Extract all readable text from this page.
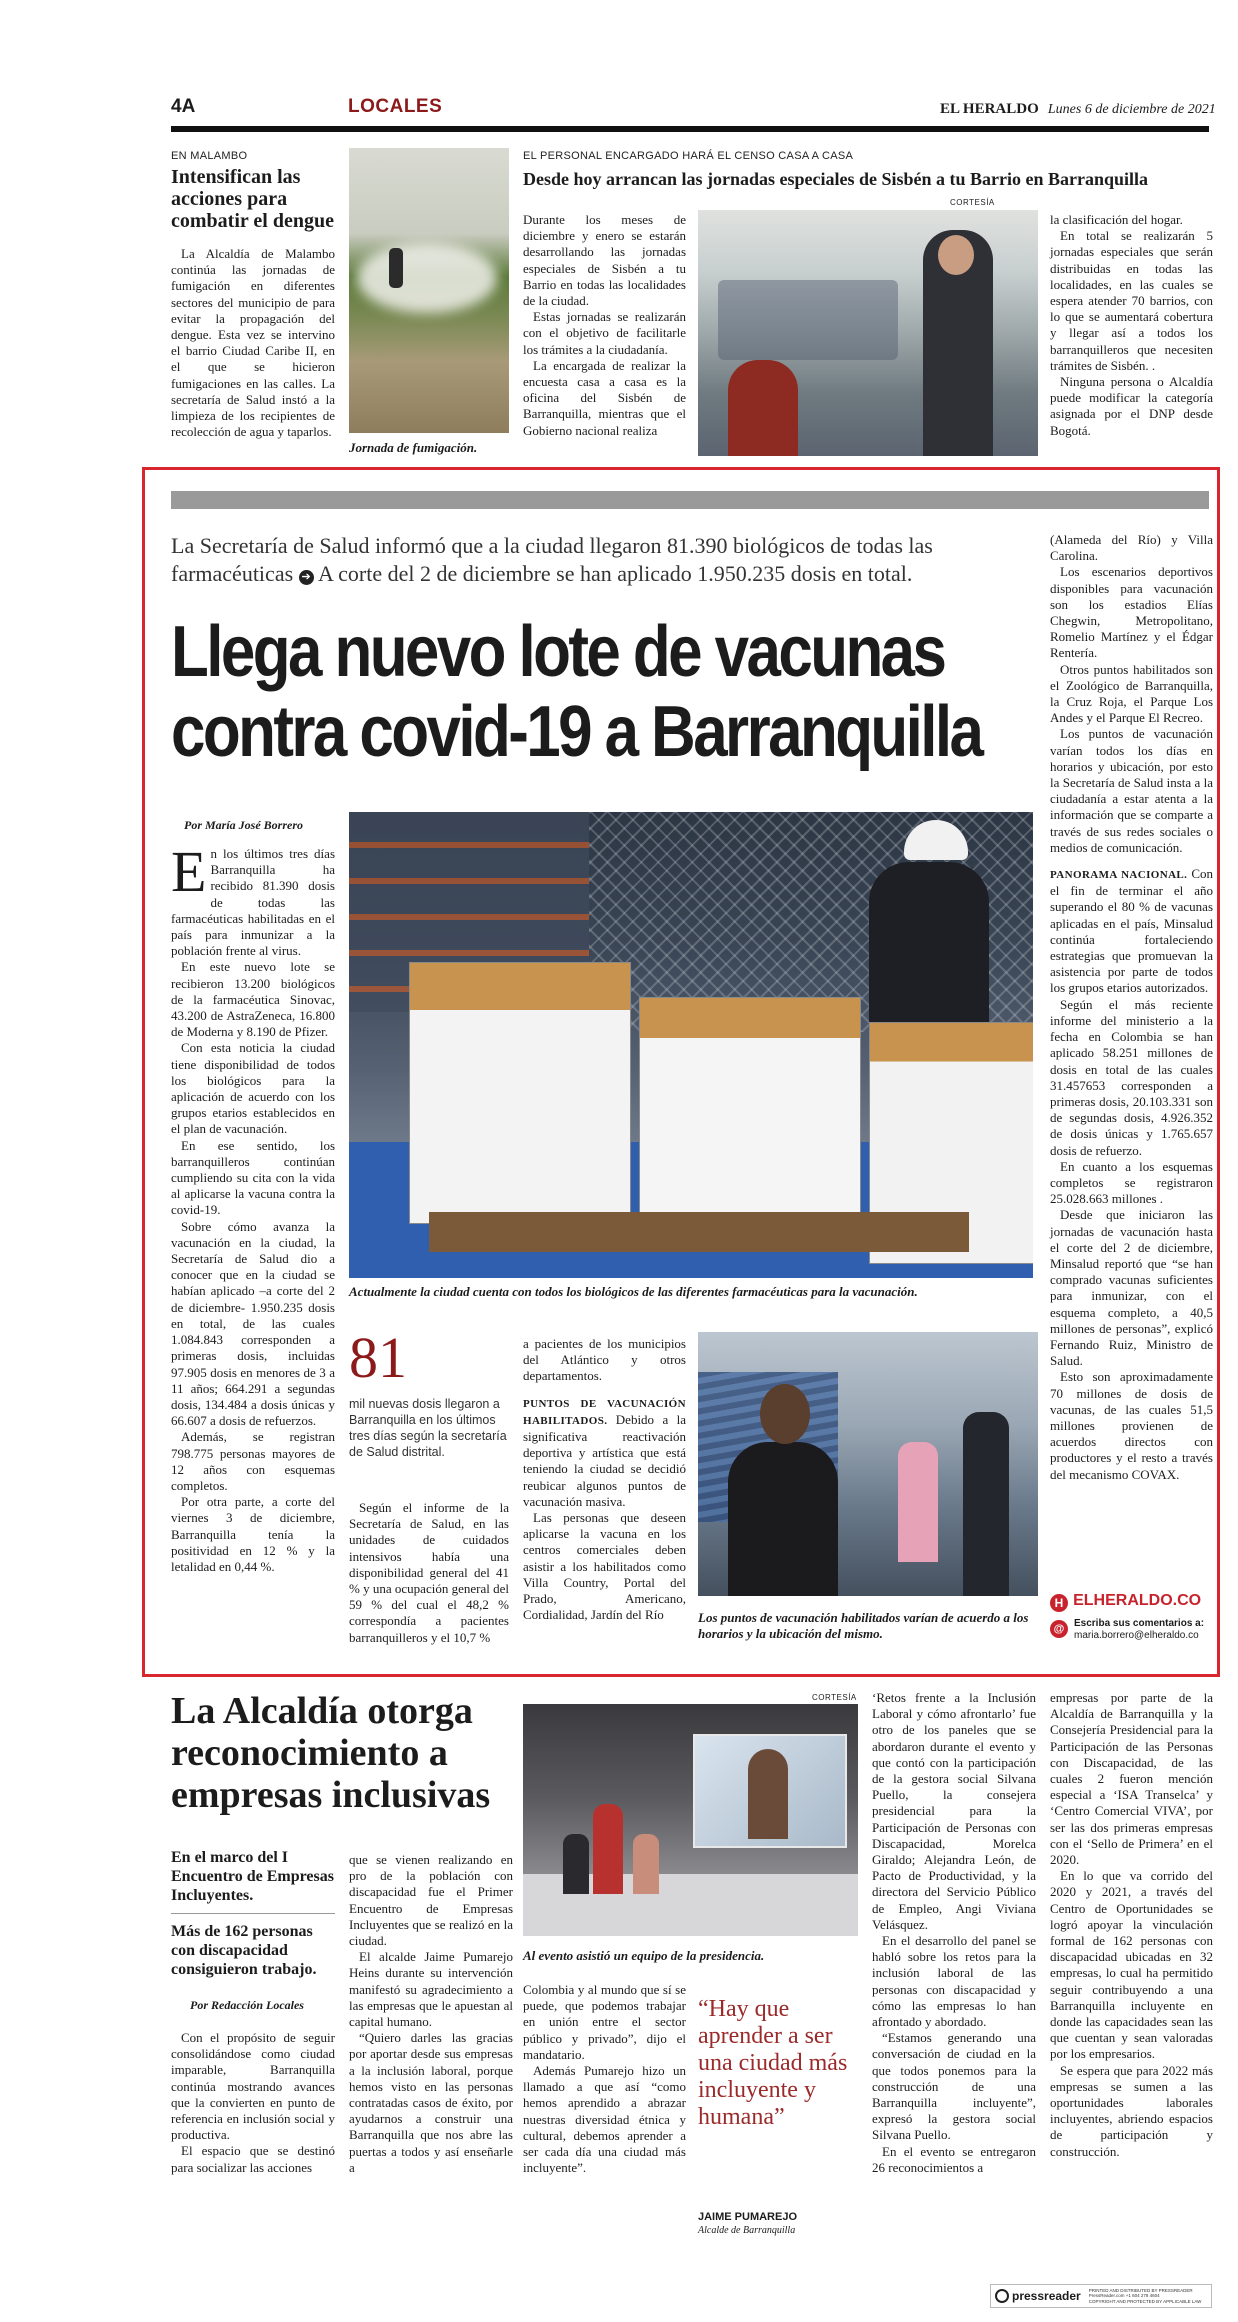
4A	LOCALES	EL HERALDO Lunes 6 de diciembre de 2021
EN MALAMBO
Intensifican las acciones para combatir el dengue

La Alcaldía de Malambo continúa las jornadas de fumigación en diferentes sectores del municipio de para evitar la propagación del dengue. Esta vez se intervino el barrio Ciudad Caribe II, en el que se hicieron fumigaciones en las calles. La secretaría de Salud instó a la limpieza de los recipientes de recolección de agua y taparlos.

Jornada de fumigación.
EL PERSONAL ENCARGADO HARÁ EL CENSO CASA A CASA
Desde hoy arrancan las jornadas especiales de Sisbén a tu Barrio en Barranquilla

Durante los meses de diciembre y enero se estarán desarrollando las jornadas especiales de Sisbén a tu Barrio en todas las localidades de la ciudad.

Estas jornadas se realizarán con el objetivo de facilitarle los trámites a la ciudadanía.

La encargada de realizar la encuesta casa a casa es la oficina del Sisbén de Barranquilla, mientras que el Gobierno nacional realiza

CORTESÍA

la clasificación del hogar.

En total se realizarán 5 jornadas especiales que serán distribuidas en todas las localidades, en las cuales se espera atender 70 barrios, con lo que se aumentará cobertura y llegar así a todos los barranquilleros que necesiten trámites de Sisbén. .

Ninguna persona o Alcaldía puede modificar la categoría asignada por el DNP desde Bogotá.

La Secretaría de Salud informó que a la ciudad llegaron 81.390 biológicos de todas las farmacéuticas ➔ A corte del 2 de diciembre se han aplicado 1.950.235 dosis en total.
Llega nuevo lote de vacunas
contra covid-19 a Barranquilla
Por María José Borrero
E n los últimos tres días Barranquilla ha recibido 81.390 dosis de todas las farmacéuticas habilitadas en el país para inmunizar a la población frente al virus.

En este nuevo lote se recibieron 13.200 biológicos de la farmacéutica Sinovac, 43.200 de AstraZeneca, 16.800 de Moderna y 8.190 de Pfizer.

Con esta noticia la ciudad tiene disponibilidad de todos los biológicos para la aplicación de acuerdo con los grupos etarios establecidos en el plan de vacunación.

En ese sentido, los barranquilleros continúan cumpliendo su cita con la vida al aplicarse la vacuna contra la covid-19.

Sobre cómo avanza la vacunación en la ciudad, la Secretaría de Salud dio a conocer que en la ciudad se habían aplicado –a corte del 2 de diciembre- 1.950.235 dosis en total, de las cuales 1.084.843 corresponden a primeras dosis, incluidas 97.905 dosis en menores de 3 a 11 años; 664.291 a segundas dosis, 134.484 a dosis únicas y 66.607 a dosis de refuerzos.

Además, se registran 798.775 personas mayores de 12 años con esquemas completos.

Por otra parte, a corte del viernes 3 de diciembre, Barranquilla tenía la positividad en 12 % y la letalidad en 0,44 %.

Actualmente la ciudad cuenta con todos los biológicos de las diferentes farmacéuticas para la vacunación.
81
mil nuevas dosis llegaron a Barranquilla en los últimos tres días según la secretaría de Salud distrital.

Según el informe de la Secretaría de Salud, en las unidades de cuidados intensivos había una disponibilidad general del 41 % y una ocupación general del 59 % del cual el 48,2 % correspondía a pacientes barranquilleros y el 10,7 %

a pacientes de los municipios del Atlántico y otros departamentos.

PUNTOS DE VACUNACIÓN HABILITADOS. Debido a la significativa reactivación deportiva y artística que está teniendo la ciudad se decidió reubicar algunos puntos de vacunación masiva.

Las personas que deseen aplicarse la vacuna en los centros comerciales deben asistir a los habilitados como Villa Country, Portal del Prado, Americano, Cordialidad, Jardín del Río	Los puntos de vacunación habilitados varían de acuerdo a los horarios y la ubicación del mismo.

(Alameda del Río) y Villa Carolina.

Los escenarios deportivos disponibles para vacunación son los estadios Elías Chegwin, Metropolitano, Romelio Martínez y el Édgar Rentería.

Otros puntos habilitados son el Zoológico de Barranquilla, la Cruz Roja, el Parque Los Andes y el Parque El Recreo.

Los puntos de vacunación varían todos los días en horarios y ubicación, por esto la Secretaría de Salud insta a la ciudadanía a estar atenta a la información que se comparte a través de sus redes sociales o medios de comunicación.

PANORAMA NACIONAL. Con el fin de terminar el año superando el 80 % de vacunas aplicadas en el país, Minsalud continúa fortaleciendo estrategias que promuevan la asistencia por parte de todos los grupos etarios autorizados.

Según el más reciente informe del ministerio a la fecha en Colombia se han aplicado 58.251 millones de dosis en total de las cuales 31.457653 corresponden a primeras dosis, 20.103.331 son de segundas dosis, 4.926.352 de dosis únicas y 1.765.657 dosis de refuerzo.

En cuanto a los esquemas completos se registraron 25.028.663 millones .

Desde que iniciaron las jornadas de vacunación hasta el corte del 2 de diciembre, Minsalud reportó que “se han comprado vacunas suficientes para inmunizar, con el esquema completo, a 40,5 millones de personas”, explicó Fernando Ruiz, Ministro de Salud.

Esto son aproximadamente 70 millones de dosis de vacunas, de las cuales 51,5 millones provienen de acuerdos directos con productores y el resto a través del mecanismo COVAX.

H ELHERALDO.CO
@ Escriba sus comentarios a:
maria.borrero@elheraldo.co
La Alcaldía otorga reconocimiento a empresas inclusivas
En el marco del I Encuentro de Empresas Incluyentes.
Más de 162 personas con discapacidad consiguieron trabajo.
Por Redacción Locales

Con el propósito de seguir consolidándose como ciudad imparable, Barranquilla continúa mostrando avances que la convierten en punto de referencia en inclusión social y productiva.

El espacio que se destinó para socializar las acciones

que se vienen realizando en pro de la población con discapacidad fue el Primer Encuentro de Empresas Incluyentes que se realizó en la ciudad.

El alcalde Jaime Pumarejo Heins durante su intervención manifestó su agradecimiento a las empresas que le apuestan al capital humano.

“Quiero darles las gracias por aportar desde sus empresas a la inclusión laboral, porque hemos visto en las personas contratadas casos de éxito, por ayudarnos a construir una Barranquilla que nos abre las puertas a todos y así enseñarle a

CORTESÍA
Al evento asistió un equipo de la presidencia.

Colombia y al mundo que sí se puede, que podemos trabajar en unión entre el sector público y privado”, dijo el mandatario.

Además Pumarejo hizo un llamado a que así “como hemos aprendido a abrazar nuestras diversidad étnica y cultural, debemos aprender a ser cada día una ciudad más incluyente”.

“Hay que aprender a ser una ciudad más incluyente y humana”
JAIME PUMAREJO
Alcalde de Barranquilla

‘Retos frente a la Inclusión Laboral y cómo afrontarlo’ fue otro de los paneles que se abordaron durante el evento y que contó con la participación de la gestora social Silvana Puello, la consejera presidencial para la Participación de Personas con Discapacidad, Morelca Giraldo; Alejandra León, de Pacto de Productividad, y la directora del Servicio Público de Empleo, Angi Viviana Velásquez.

En el desarrollo del panel se habló sobre los retos para la inclusión laboral de las personas con discapacidad y cómo las empresas lo han afrontado y abordado.

“Estamos generando una conversación de ciudad en la que todos ponemos para la construcción de una Barranquilla incluyente”, expresó la gestora social Silvana Puello.

En el evento se entregaron 26 reconocimientos a

empresas por parte de la Alcaldía de Barranquilla y la Consejería Presidencial para la Participación de las Personas con Discapacidad, de las cuales 2 fueron mención especial a ‘ISA Transelca’ y ‘Centro Comercial VIVA’, por ser las dos primeras empresas con el ‘Sello de Primera’ en el 2020.

En lo que va corrido del 2020 y 2021, a través del Centro de Oportunidades se logró apoyar la vinculación formal de 162 personas con discapacidad ubicadas en 32 empresas, lo cual ha permitido seguir contribuyendo a una Barranquilla incluyente en donde las capacidades sean las que cuentan y sean valoradas por los empresarios.

Se espera que para 2022 más empresas se sumen a las oportunidades laborales incluyentes, abriendo espacios de participación y construcción.

pressreader PRINTED AND DISTRIBUTED BY PRESSREADER
PressReader.com +1 604 278 4604
COPYRIGHT AND PROTECTED BY APPLICABLE LAW
